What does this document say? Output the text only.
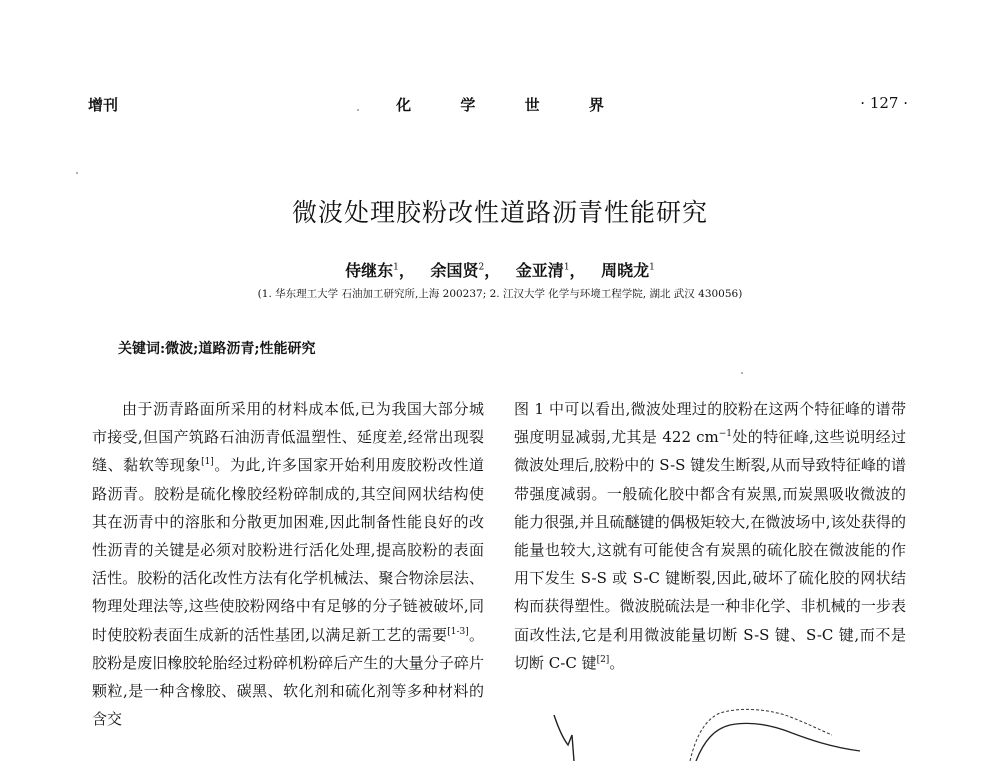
增刊	化 学 世 界	· 127 ·
微波处理胶粉改性道路沥青性能研究
侍继东$^1$， 余国贤$^2$， 金亚清$^1$， 周晓龙$^1$
(1. 华东理工大学 石油加工研究所,上海 200237; 2. 江汉大学 化学与环境工程学院, 湖北 武汉 430056)
关键词:微波;道路沥青;性能研究

由于沥青路面所采用的材料成本低,已为我国大部分城市接受,但国产筑路石油沥青低温塑性、延度差,经常出现裂缝、黏软等现象[1]。为此,许多国家开始利用废胶粉改性道路沥青。胶粉是硫化橡胶经粉碎制成的,其空间网状结构使其在沥青中的溶胀和分散更加困难,因此制备性能良好的改性沥青的关键是必须对胶粉进行活化处理,提高胶粉的表面活性。胶粉的活化改性方法有化学机械法、聚合物涂层法、物理处理法等,这些使胶粉网络中有足够的分子链被破坏,同时使胶粉表面生成新的活性基团,以满足新工艺的需要[1-3]。胶粉是废旧橡胶轮胎经过粉碎机粉碎后产生的大量分子碎片颗粒,是一种含橡胶、碳黑、软化剂和硫化剂等多种材料的含交

图 1 中可以看出,微波处理过的胶粉在这两个特征峰的谱带强度明显减弱,尤其是 422 $cm^{-1}$处的特征峰,这些说明经过微波处理后,胶粉中的 S-S 键发生断裂,从而导致特征峰的谱带强度减弱。一般硫化胶中都含有炭黑,而炭黑吸收微波的能力很强,并且硫醚键的偶极矩较大,在微波场中,该处获得的能量也较大,这就有可能使含有炭黑的硫化胶在微波能的作用下发生 S-S 或 S-C 键断裂,因此,破坏了硫化胶的网状结构而获得塑性。微波脱硫法是一种非化学、非机械的一步表面改性法,它是利用微波能量切断 S-S 键、S-C 键,而不是切断 C-C 键[2]。
